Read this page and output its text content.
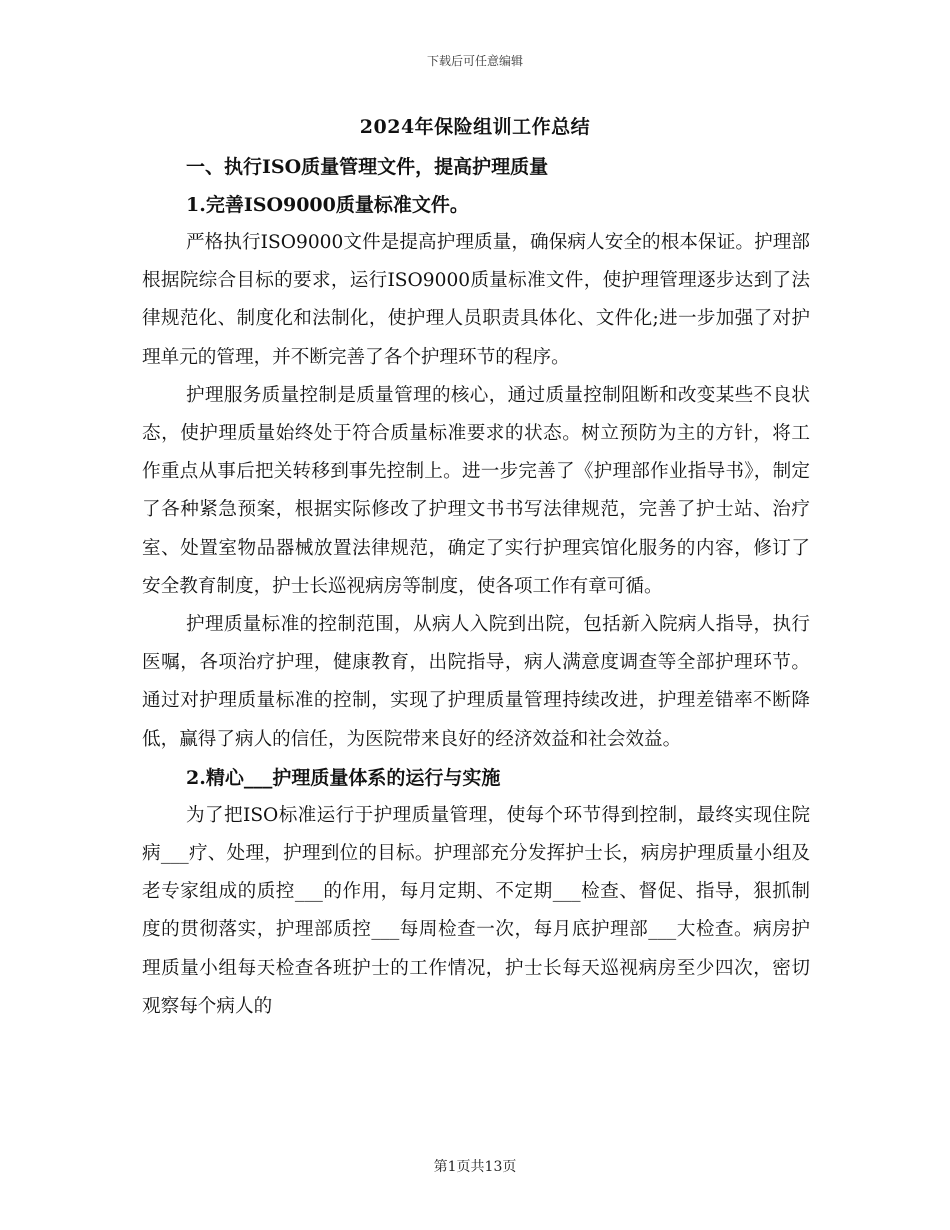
下载后可任意编辑
2024年保险组训工作总结

一、执行ISO质量管理文件，提高护理质量

1.完善ISO9000质量标准文件。

严格执行ISO9000文件是提高护理质量，确保病人安全的根本保证。护理部根据院综合目标的要求，运行ISO9000质量标准文件，使护理管理逐步达到了法律规范化、制度化和法制化，使护理人员职责具体化、文件化;进一步加强了对护理单元的管理，并不断完善了各个护理环节的程序。

护理服务质量控制是质量管理的核心，通过质量控制阻断和改变某些不良状态，使护理质量始终处于符合质量标准要求的状态。树立预防为主的方针，将工作重点从事后把关转移到事先控制上。进一步完善了《护理部作业指导书》，制定了各种紧急预案，根据实际修改了护理文书书写法律规范，完善了护士站、治疗室、处置室物品器械放置法律规范，确定了实行护理宾馆化服务的内容，修订了安全教育制度，护士长巡视病房等制度，使各项工作有章可循。

护理质量标准的控制范围，从病人入院到出院，包括新入院病人指导，执行医嘱，各项治疗护理，健康教育，出院指导，病人满意度调查等全部护理环节。通过对护理质量标准的控制，实现了护理质量管理持续改进，护理差错率不断降低，赢得了病人的信任，为医院带来良好的经济效益和社会效益。

2.精心___护理质量体系的运行与实施

为了把ISO标准运行于护理质量管理，使每个环节得到控制，最终实现住院病___疗、处理，护理到位的目标。护理部充分发挥护士长，病房护理质量小组及老专家组成的质控___的作用，每月定期、不定期___检查、督促、指导，狠抓制度的贯彻落实，护理部质控___每周检查一次，每月底护理部___大检查。病房护理质量小组每天检查各班护士的工作情况，护士长每天巡视病房至少四次，密切观察每个病人的

第1页共13页
